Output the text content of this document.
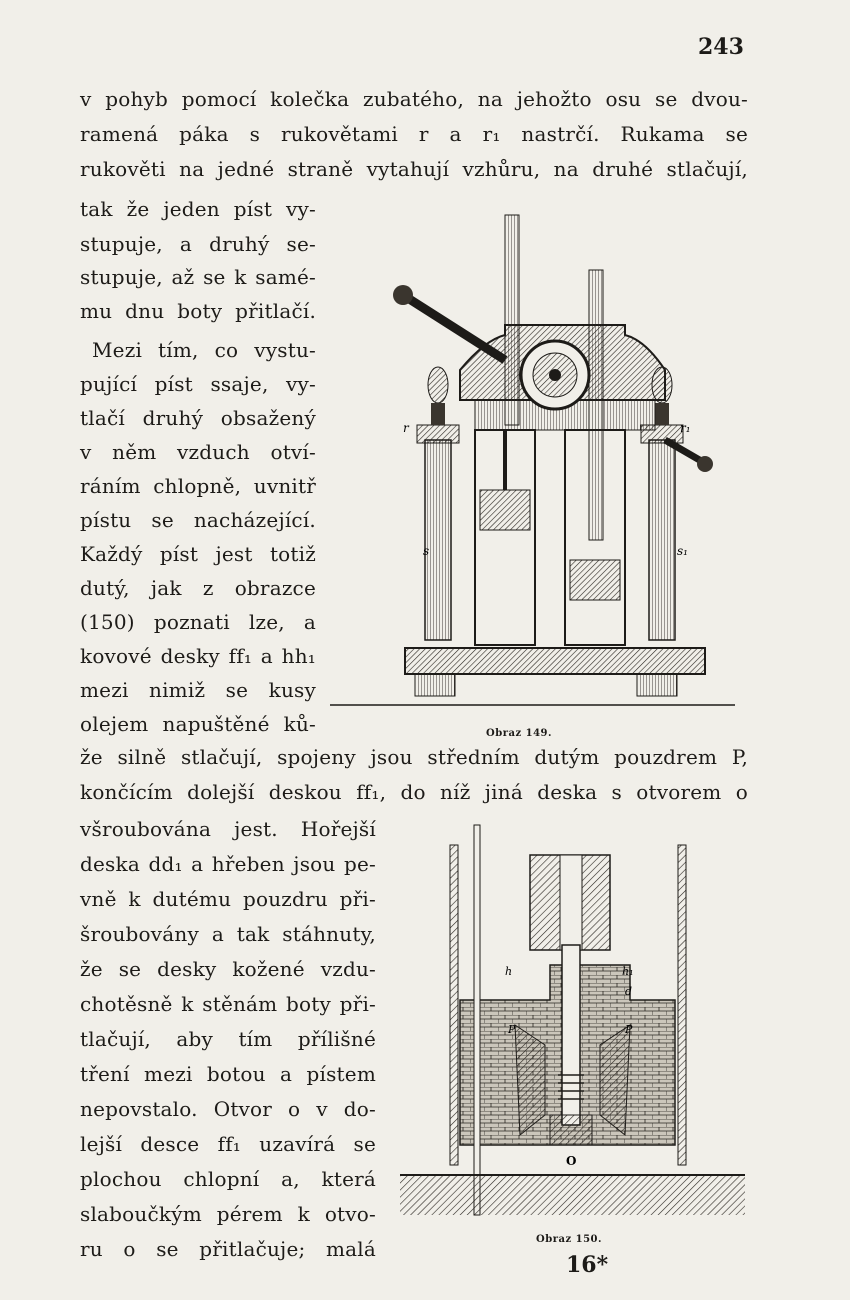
243
v pohyb pomocí kolečka zubatého, na jehožto osu se dvou-
ramená páka s rukovětami r a r₁ nastrčí. Rukama se
rukověti na jedné straně vytahují vzhůru, na druhé stlačují,
tak že jeden píst vy-
stupuje, a druhý se-
stupuje, až se k samé-
mu dnu boty přitlačí.
Mezi tím, co vystu-
pující píst ssaje, vy-
tlačí druhý obsažený
v něm vzduch otví-
ráním chlopně, uvnitř
pístu se nacházející.
Každý píst jest totiž
dutý, jak z obrazce
(150) poznati lze, a
kovové desky ff₁ a hh₁
mezi nimiž se kusy
olejem napuštěné ků-	Obraz 149.
že silně stlačují, spojeny jsou středním dutým pouzdrem P,
končícím dolejší deskou ff₁, do níž jiná deska s otvorem o
všroubována jest. Hořejší
deska dd₁ a hřeben jsou pe-
vně k dutému pouzdru při-
šroubovány a tak stáhnuty,
že se desky kožené vzdu-
chotěsně k stěnám boty při-
tlačují, aby tím přílišné
tření mezi botou a pístem
nepovstalo. Otvor o v do-
lejší desce ff₁ uzavírá se
plochou chlopní a, která
slaboučkým pérem k otvo-
ru o se přitlačuje; malá
r	r₁
s	s₁
h	h₁
d
P	P
O
Obraz 150.
16*
